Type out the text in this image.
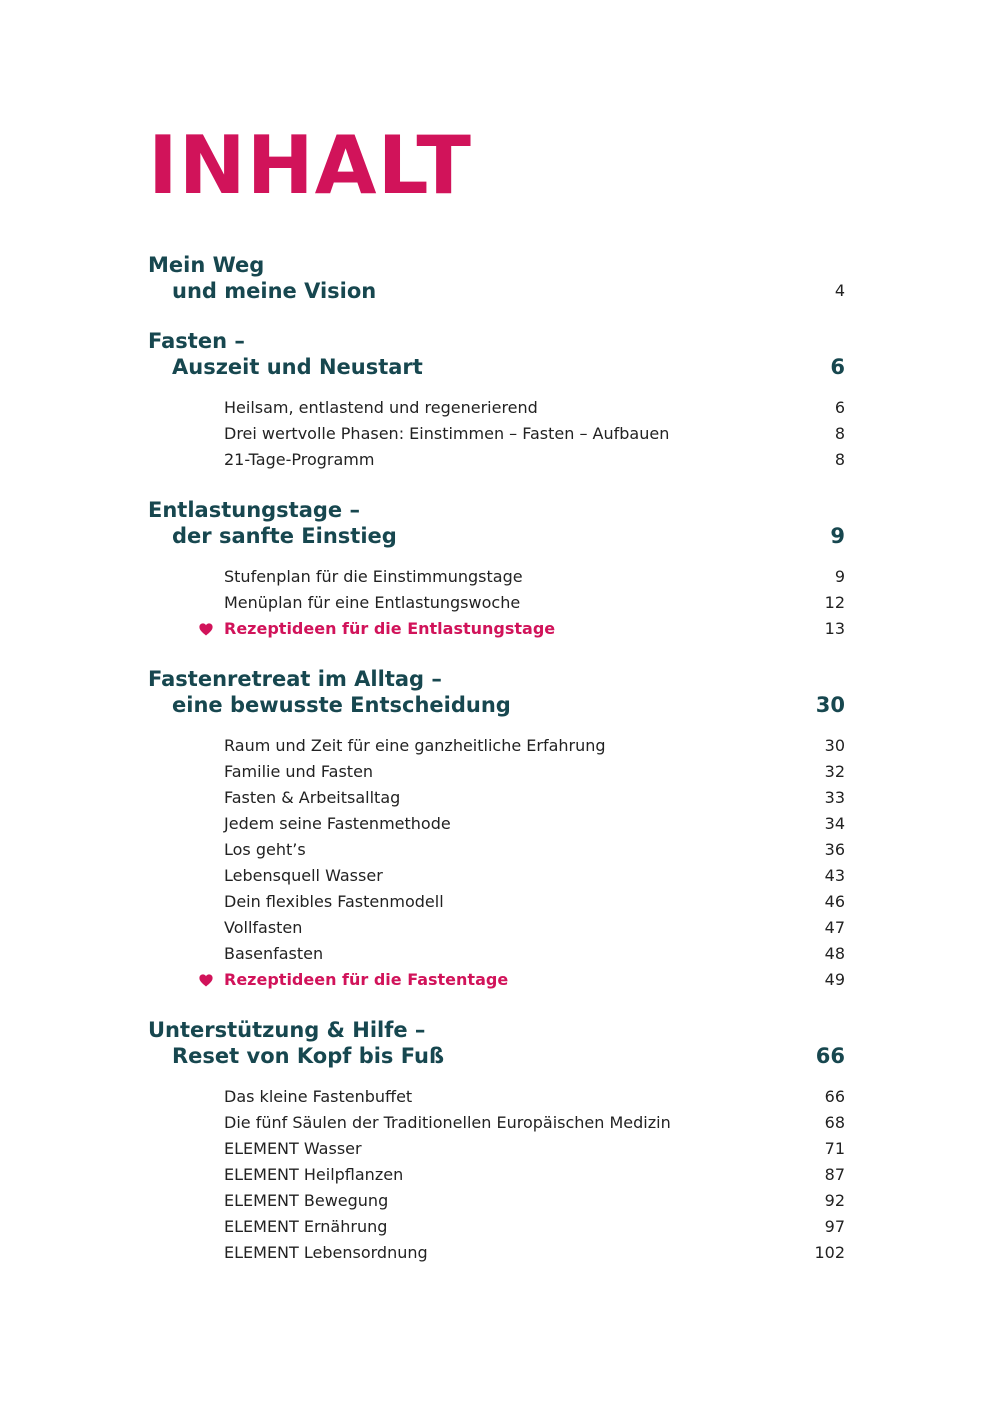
INHALT
Mein Weg
und meine Vision	4
Fasten –
Auszeit und Neustart	6
Heilsam, entlastend und regenerierend	6
Drei wertvolle Phasen: Einstimmen – Fasten – Aufbauen	8
21-Tage-Programm	8
Entlastungstage –
der sanfte Einstieg	9
Stufenplan für die Einstimmungstage	9
Menüplan für eine Entlastungswoche	12
Rezeptideen für die Entlastungstage	13
Fastenretreat im Alltag –
eine bewusste Entscheidung	30
Raum und Zeit für eine ganzheitliche Erfahrung	30
Familie und Fasten	32
Fasten & Arbeitsalltag	33
Jedem seine Fastenmethode	34
Los geht’s	36
Lebensquell Wasser	43
Dein flexibles Fastenmodell	46
Vollfasten	47
Basenfasten	48
Rezeptideen für die Fastentage	49
Unterstützung & Hilfe –
Reset von Kopf bis Fuß	66
Das kleine Fastenbuffet	66
Die fünf Säulen der Traditionellen Europäischen Medizin	68
ELEMENT Wasser	71
ELEMENT Heilpflanzen	87
ELEMENT Bewegung	92
ELEMENT Ernährung	97
ELEMENT Lebensordnung	102
